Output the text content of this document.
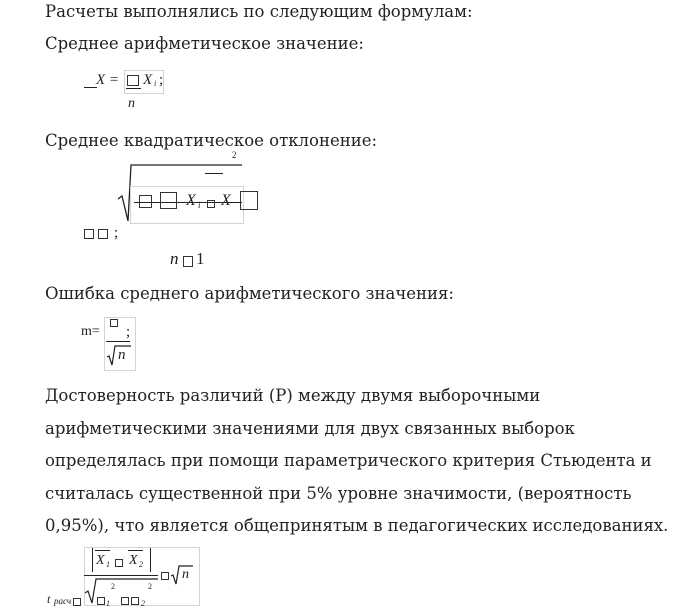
Расчеты выполнялись по следующим формулам:
Среднее арифметическое значение:
X = X i ;
n
Среднее квадратическое отклонение:
2
X i X
;
n 1
Ошибка среднего арифметического значения:
m= ;
n
Достоверность различий (Р) между двумя выборочными арифметическими значениями для двух связанных выборок определялась при помощи параметрического критерия Стьюдента и считалась существенной при 5% уровне значимости, (вероятность 0,95%), что является общепринятым в педагогических исследованиях.
t расч
X 1 X 2
n
1
2
2
2
